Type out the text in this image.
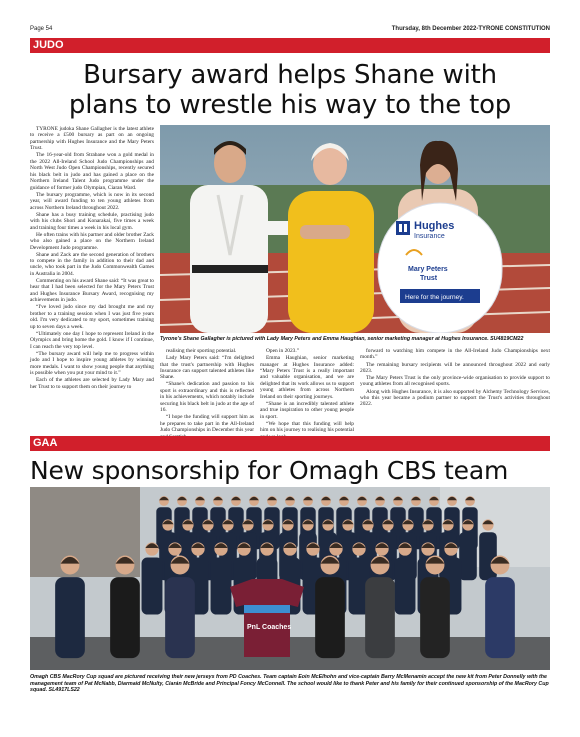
Page 54	Thursday, 8th December 2022-TYRONE CONSTITUTION
JUDO
Bursary award helps Shane with
plans to wrestle his way to the top

TYRONE judoka Shane Gallagher is the latest athlete to receive a £500 bursary as part on an ongoing partnership with Hughes Insurance and the Mary Peters Trust.

The 16-year-old from Strabane won a gold medal in the 2022 All-Ireland School Judo Championships and North West Judo Open Championships, recently secured his black belt in judo and has gained a place on the Northern Ireland Talent Judo programme under the guidance of former judo Olympian, Ciaran Ward.

The bursary programme, which is now in its second year, will award funding to ten young athletes from across Northern Ireland throughout 2022.

Shane has a busy training schedule, practising judo with his clubs Shori and Konarakai, five times a week and training four times a week in his local gym.

He often trains with his partner and older brother Zack who also gained a place on the Northern Ireland Development Judo programme.

Shane and Zack are the second generation of brothers to compete in the family in addition to their dad and uncle, who took part in the Judo Commonwealth Games in Australia in 2004.

Commenting on his award Shane said: “It was great to hear that I had been selected for the Mary Peters Trust and Hughes Insurance Bursary Award, recognising my achievements in judo.

“I've loved judo since my dad brought me and my brother to a training session when I was just five years old. I'm very dedicated to my sport, sometimes training up to seven days a week.

“Ultimately one day I hope to represent Ireland in the Olympics and bring home the gold. I know if I continue, I can reach the very top level.

“The bursary award will help me to progress within judo and I hope to inspire young athletes by winning more medals. I want to show young people that anything is possible when you put your mind to it.”

Each of the athletes are selected by Lady Mary and her Trust to to support them on their journey to

realising their sporting potential.

Lady Mary Peters said: “I'm delighted that the trust's partnership with Hughes Insurance can support talented athletes like Shane.

“Shane's dedication and passion to his sport is extraordinary and this is reflected in his achievements, which notably include securing his black belt in judo at the age of 16.

“I hope the funding will support him as he prepares to take part in the All-Ireland Judo Championships in December this year

Open in 2023.”

Emma Haughian, senior marketing manager at Hughes Insurance added: “Mary Peters Trust is a really important and valuable organisation, and we are delighted that its work allows us to support young athletes from across Northern Ireland on their sporting journeys.

“Shane is an incredibly talented athlete and true inspiration to other young people in sport.

“We hope that this funding will help him on his journey to realising his potential

forward to watching him compete in the All-Ireland Judo Championships next month.”

The remaining bursary recipients will be announced throughout 2022 and early 2023.

The Mary Peters Trust is the only province-wide organisation to provide support to young athletes from all recognised sports.

Along with Hughes Insurance, it is also supported by Alchemy Technology Services, who this year became a podium partner to support the Trust's activities throughout 2022.

Hughes
Insurance
Mary Peters
Trust
Here for the journey.
Tyrone's Shane Gallagher is pictured with Lady Mary Peters and Emma Haughian, senior marketing manager at Hughes Insurance. SU4819CM22
GAA
New sponsorship for Omagh CBS team
PnL Coaches
Omagh CBS MacRory Cup squad are pictured receiving their new jerseys from PD Coaches. Team captain Eoin McElhohn and vice-captain Barry McMenamin accept the new kit from Peter Donnelly with the management team of Pat McNabb, Diarmaid McNulty, Ciarán McBride and Principal Foncy McConnell. The school would like to thank Peter and his family for their continued sponsorship of the MacRory Cup squad. SL4917LS22
